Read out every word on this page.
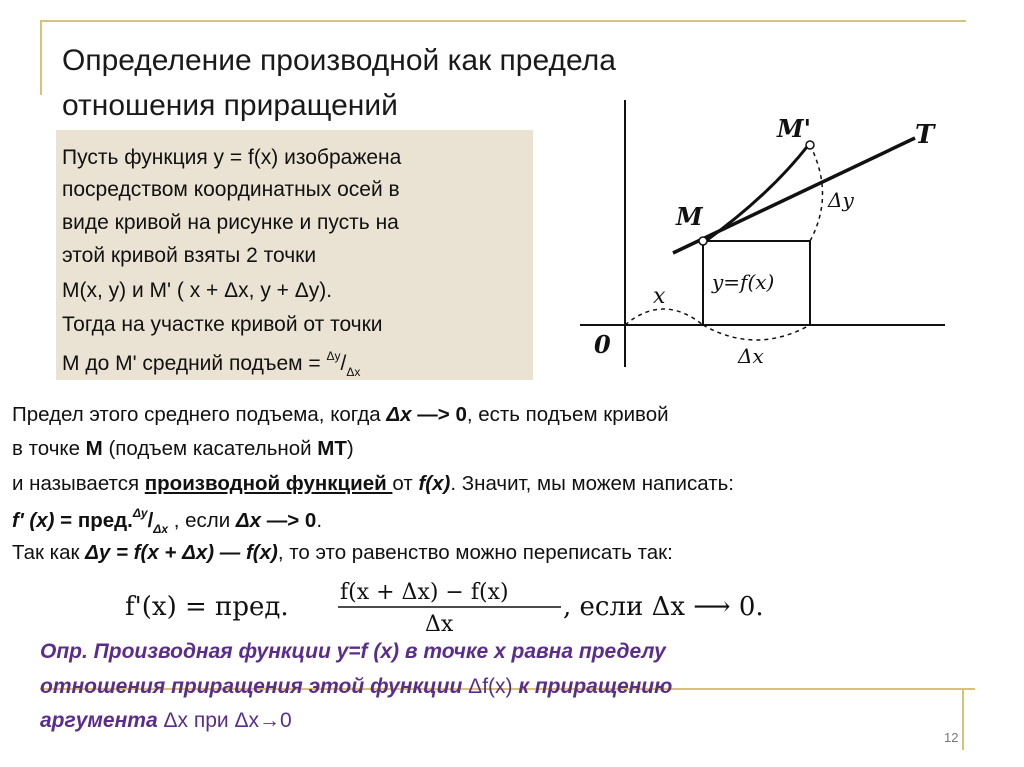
Определение производной как предела
отношения приращений
Пусть функция y = f(x) изображена
посредством координатных осей в
виде кривой на рисунке и пусть на
этой кривой взяты 2 точки
M(x, y) и M' ( x + Δx, y + Δy).
Тогда на участке кривой от точки
M до M' средний подъем = $^{\Delta y}/_{\Delta x}$
T
M'
M
Δy
y=f(x)
x
0	Δx
Предел этого среднего подъема, когда Δx —> 0, есть подъем кривой
в точке M (подъем касательной MT)
и называется производной функцией от f(x). Значит, мы можем написать:
f' $(x) = пред.^{\Delta y}/_{\Delta x}$ , если Δx —> 0.
Так как Δy = f(x + Δx) — f(x), то это равенство можно переписать так:
f'(x) = пред. f(x + Δx) − f(x)
Δx
, если Δx ⟶ 0.
Опр. Производная функции y=f (x) в точке x равна пределу
отношения приращения этой функции Δf(x) к приращению
аргумента Δx при Δx→0
12
